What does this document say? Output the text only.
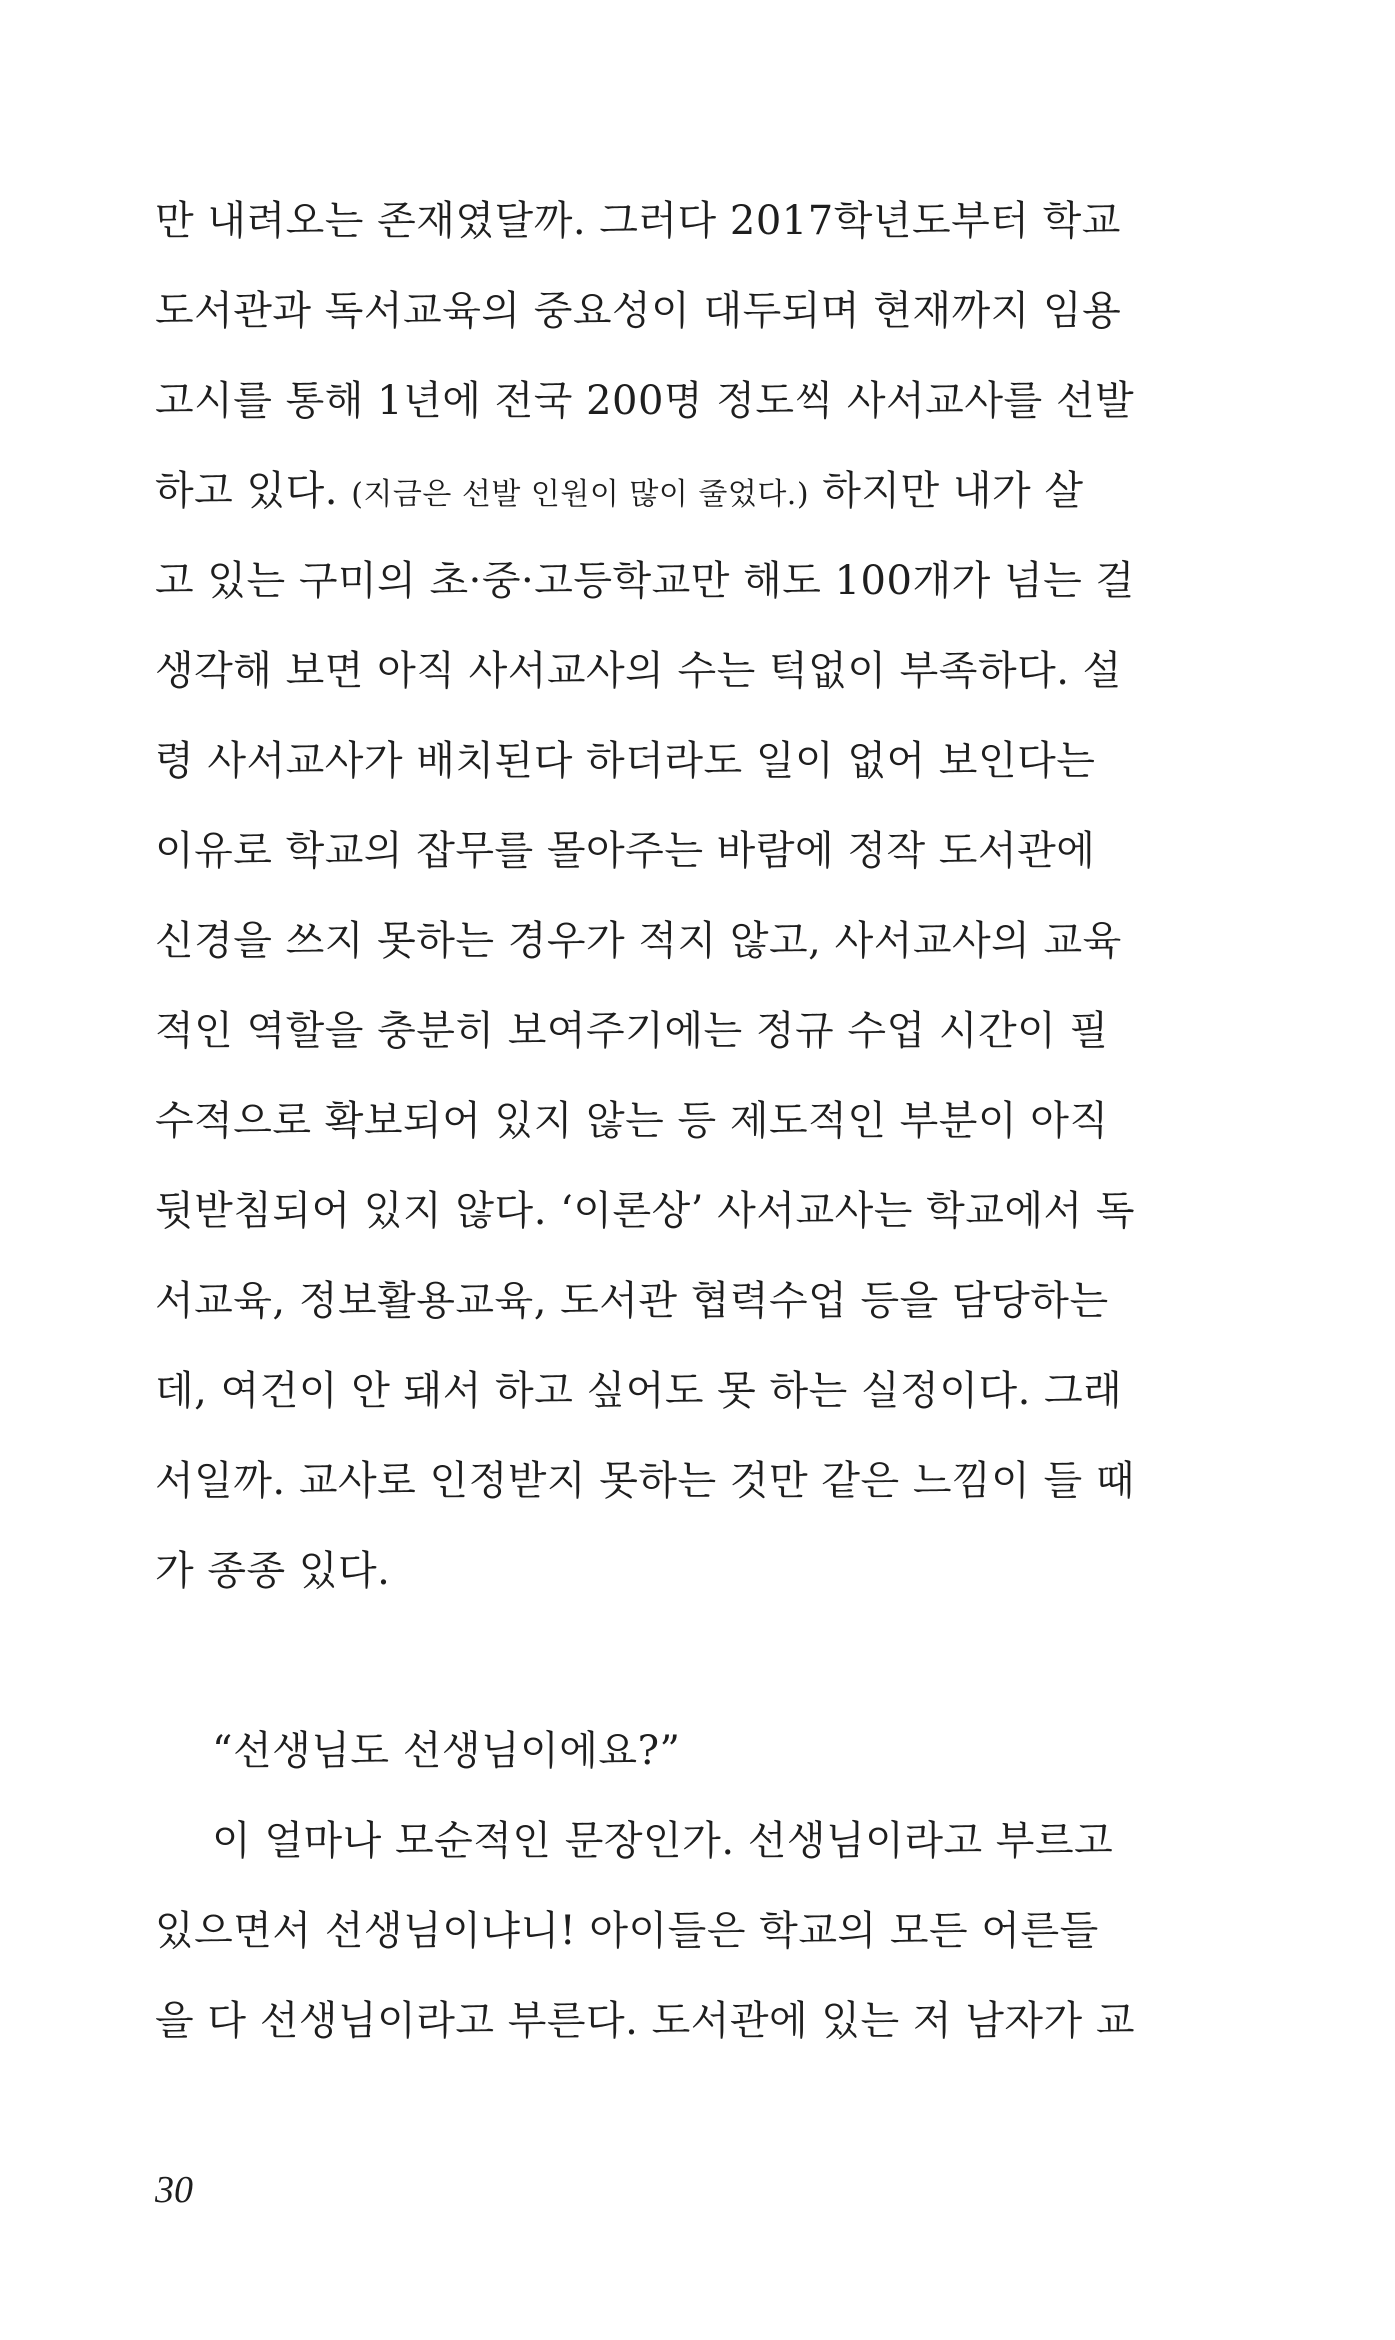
만 내려오는 존재였달까. 그러다 2017학년도부터 학교
도서관과 독서교육의 중요성이 대두되며 현재까지 임용
고시를 통해 1년에 전국 200명 정도씩 사서교사를 선발
하고 있다. (지금은 선발 인원이 많이 줄었다.) 하지만 내가 살
고 있는 구미의 초·중·고등학교만 해도 100개가 넘는 걸
생각해 보면 아직 사서교사의 수는 턱없이 부족하다. 설
령 사서교사가 배치된다 하더라도 일이 없어 보인다는
이유로 학교의 잡무를 몰아주는 바람에 정작 도서관에
신경을 쓰지 못하는 경우가 적지 않고, 사서교사의 교육
적인 역할을 충분히 보여주기에는 정규 수업 시간이 필
수적으로 확보되어 있지 않는 등 제도적인 부분이 아직
뒷받침되어 있지 않다. ‘이론상’ 사서교사는 학교에서 독
서교육, 정보활용교육, 도서관 협력수업 등을 담당하는
데, 여건이 안 돼서 하고 싶어도 못 하는 실정이다. 그래
서일까. 교사로 인정받지 못하는 것만 같은 느낌이 들 때
가 종종 있다.
“선생님도 선생님이에요?”
이 얼마나 모순적인 문장인가. 선생님이라고 부르고
있으면서 선생님이냐니! 아이들은 학교의 모든 어른들
을 다 선생님이라고 부른다. 도서관에 있는 저 남자가 교
30
